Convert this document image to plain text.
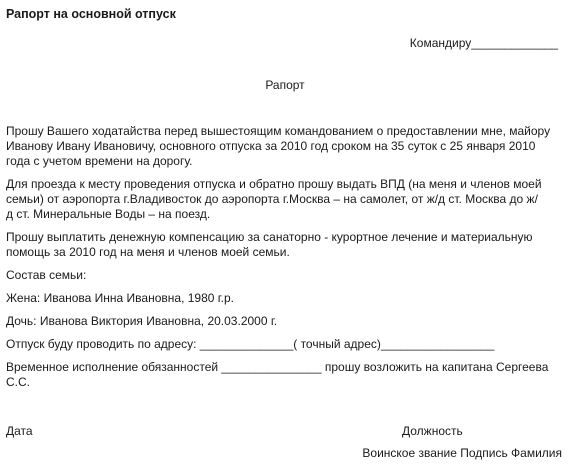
Рапорт на основной отпуск
Командиру_____________
Рапорт
Прошу Вашего ходатайства перед вышестоящим командованием о предоставлении мне, майору
Иванову Ивану Ивановичу, основного отпуска за 2010 год сроком на 35 суток с 25 января 2010
года с учетом времени на дорогу.
Для проезда к месту проведения отпуска и обратно прошу выдать ВПД (на меня и членов моей
семьи) от аэропорта г.Владивосток до аэропорта г.Москва – на самолет, от ж/д ст. Москва до ж/
д ст. Минеральные Воды – на поезд.
Прошу выплатить денежную компенсацию за санаторно - курортное лечение и материальную
помощь за 2010 год на меня и членов моей семьи.
Состав семьи:
Жена: Иванова Инна Ивановна, 1980 г.р.
Дочь: Иванова Виктория Ивановна, 20.03.2000 г.
Отпуск буду проводить по адресу: ______________( точный адрес)_________________
Временное исполнение обязанностей _______________ прошу возложить на капитана Сергеева
С.С.
Дата	Должность
Воинское звание Подпись Фамилия
